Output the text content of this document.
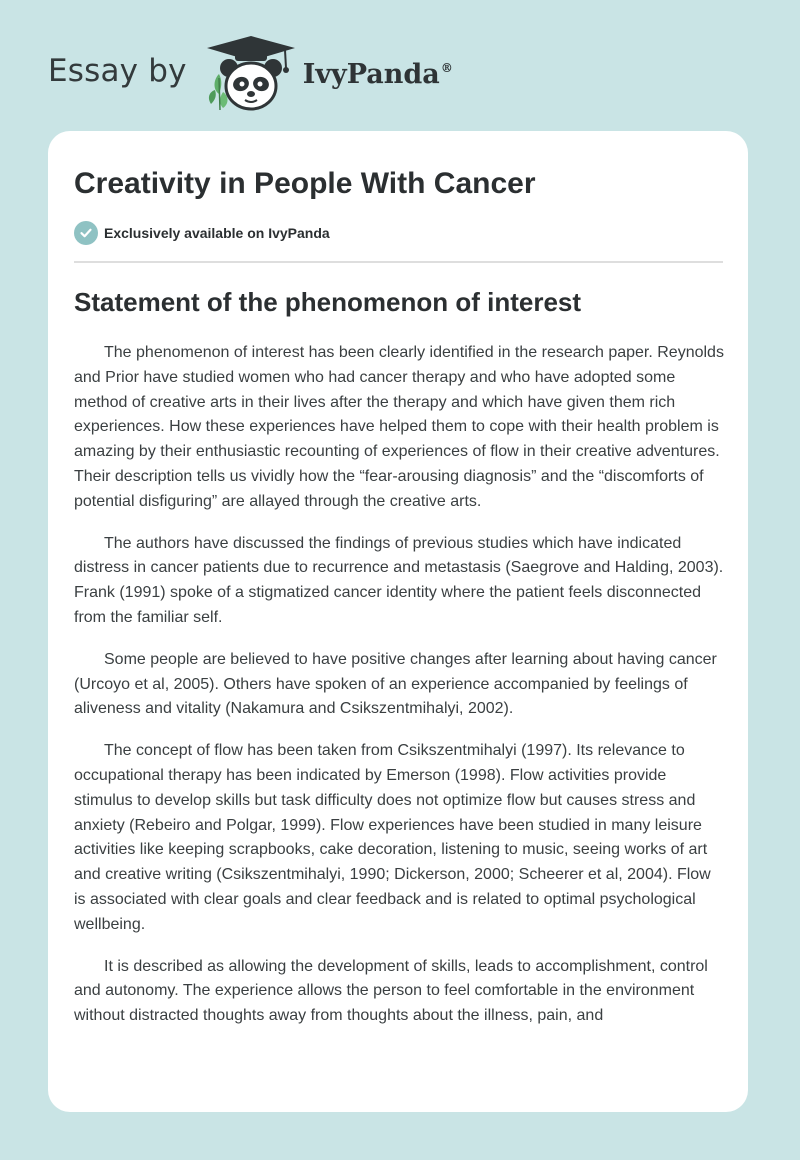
Essay by	IvyPanda®
Creativity in People With Cancer
Exclusively available on IvyPanda
Statement of the phenomenon of interest

The phenomenon of interest has been clearly identified in the research paper. Reynolds and Prior have studied women who had cancer therapy and who have adopted some method of creative arts in their lives after the therapy and which have given them rich experiences. How these experiences have helped them to cope with their health problem is amazing by their enthusiastic recounting of experiences of flow in their creative adventures. Their description tells us vividly how the “fear-arousing diagnosis” and the “discomforts of potential disfiguring” are allayed through the creative arts.

The authors have discussed the findings of previous studies which have indicated distress in cancer patients due to recurrence and metastasis (Saegrove and Halding, 2003). Frank (1991) spoke of a stigmatized cancer identity where the patient feels disconnected from the familiar self.

Some people are believed to have positive changes after learning about having cancer (Urcoyo et al, 2005). Others have spoken of an experience accompanied by feelings of aliveness and vitality (Nakamura and Csikszentmihalyi, 2002).

The concept of flow has been taken from Csikszentmihalyi (1997). Its relevance to occupational therapy has been indicated by Emerson (1998). Flow activities provide stimulus to develop skills but task difficulty does not optimize flow but causes stress and anxiety (Rebeiro and Polgar, 1999). Flow experiences have been studied in many leisure activities like keeping scrapbooks, cake decoration, listening to music, seeing works of art and creative writing (Csikszentmihalyi, 1990; Dickerson, 2000; Scheerer et al, 2004). Flow is associated with clear goals and clear feedback and is related to optimal psychological wellbeing.

It is described as allowing the development of skills, leads to accomplishment, control and autonomy. The experience allows the person to feel comfortable in the environment without distracted thoughts away from thoughts about the illness, pain, and
